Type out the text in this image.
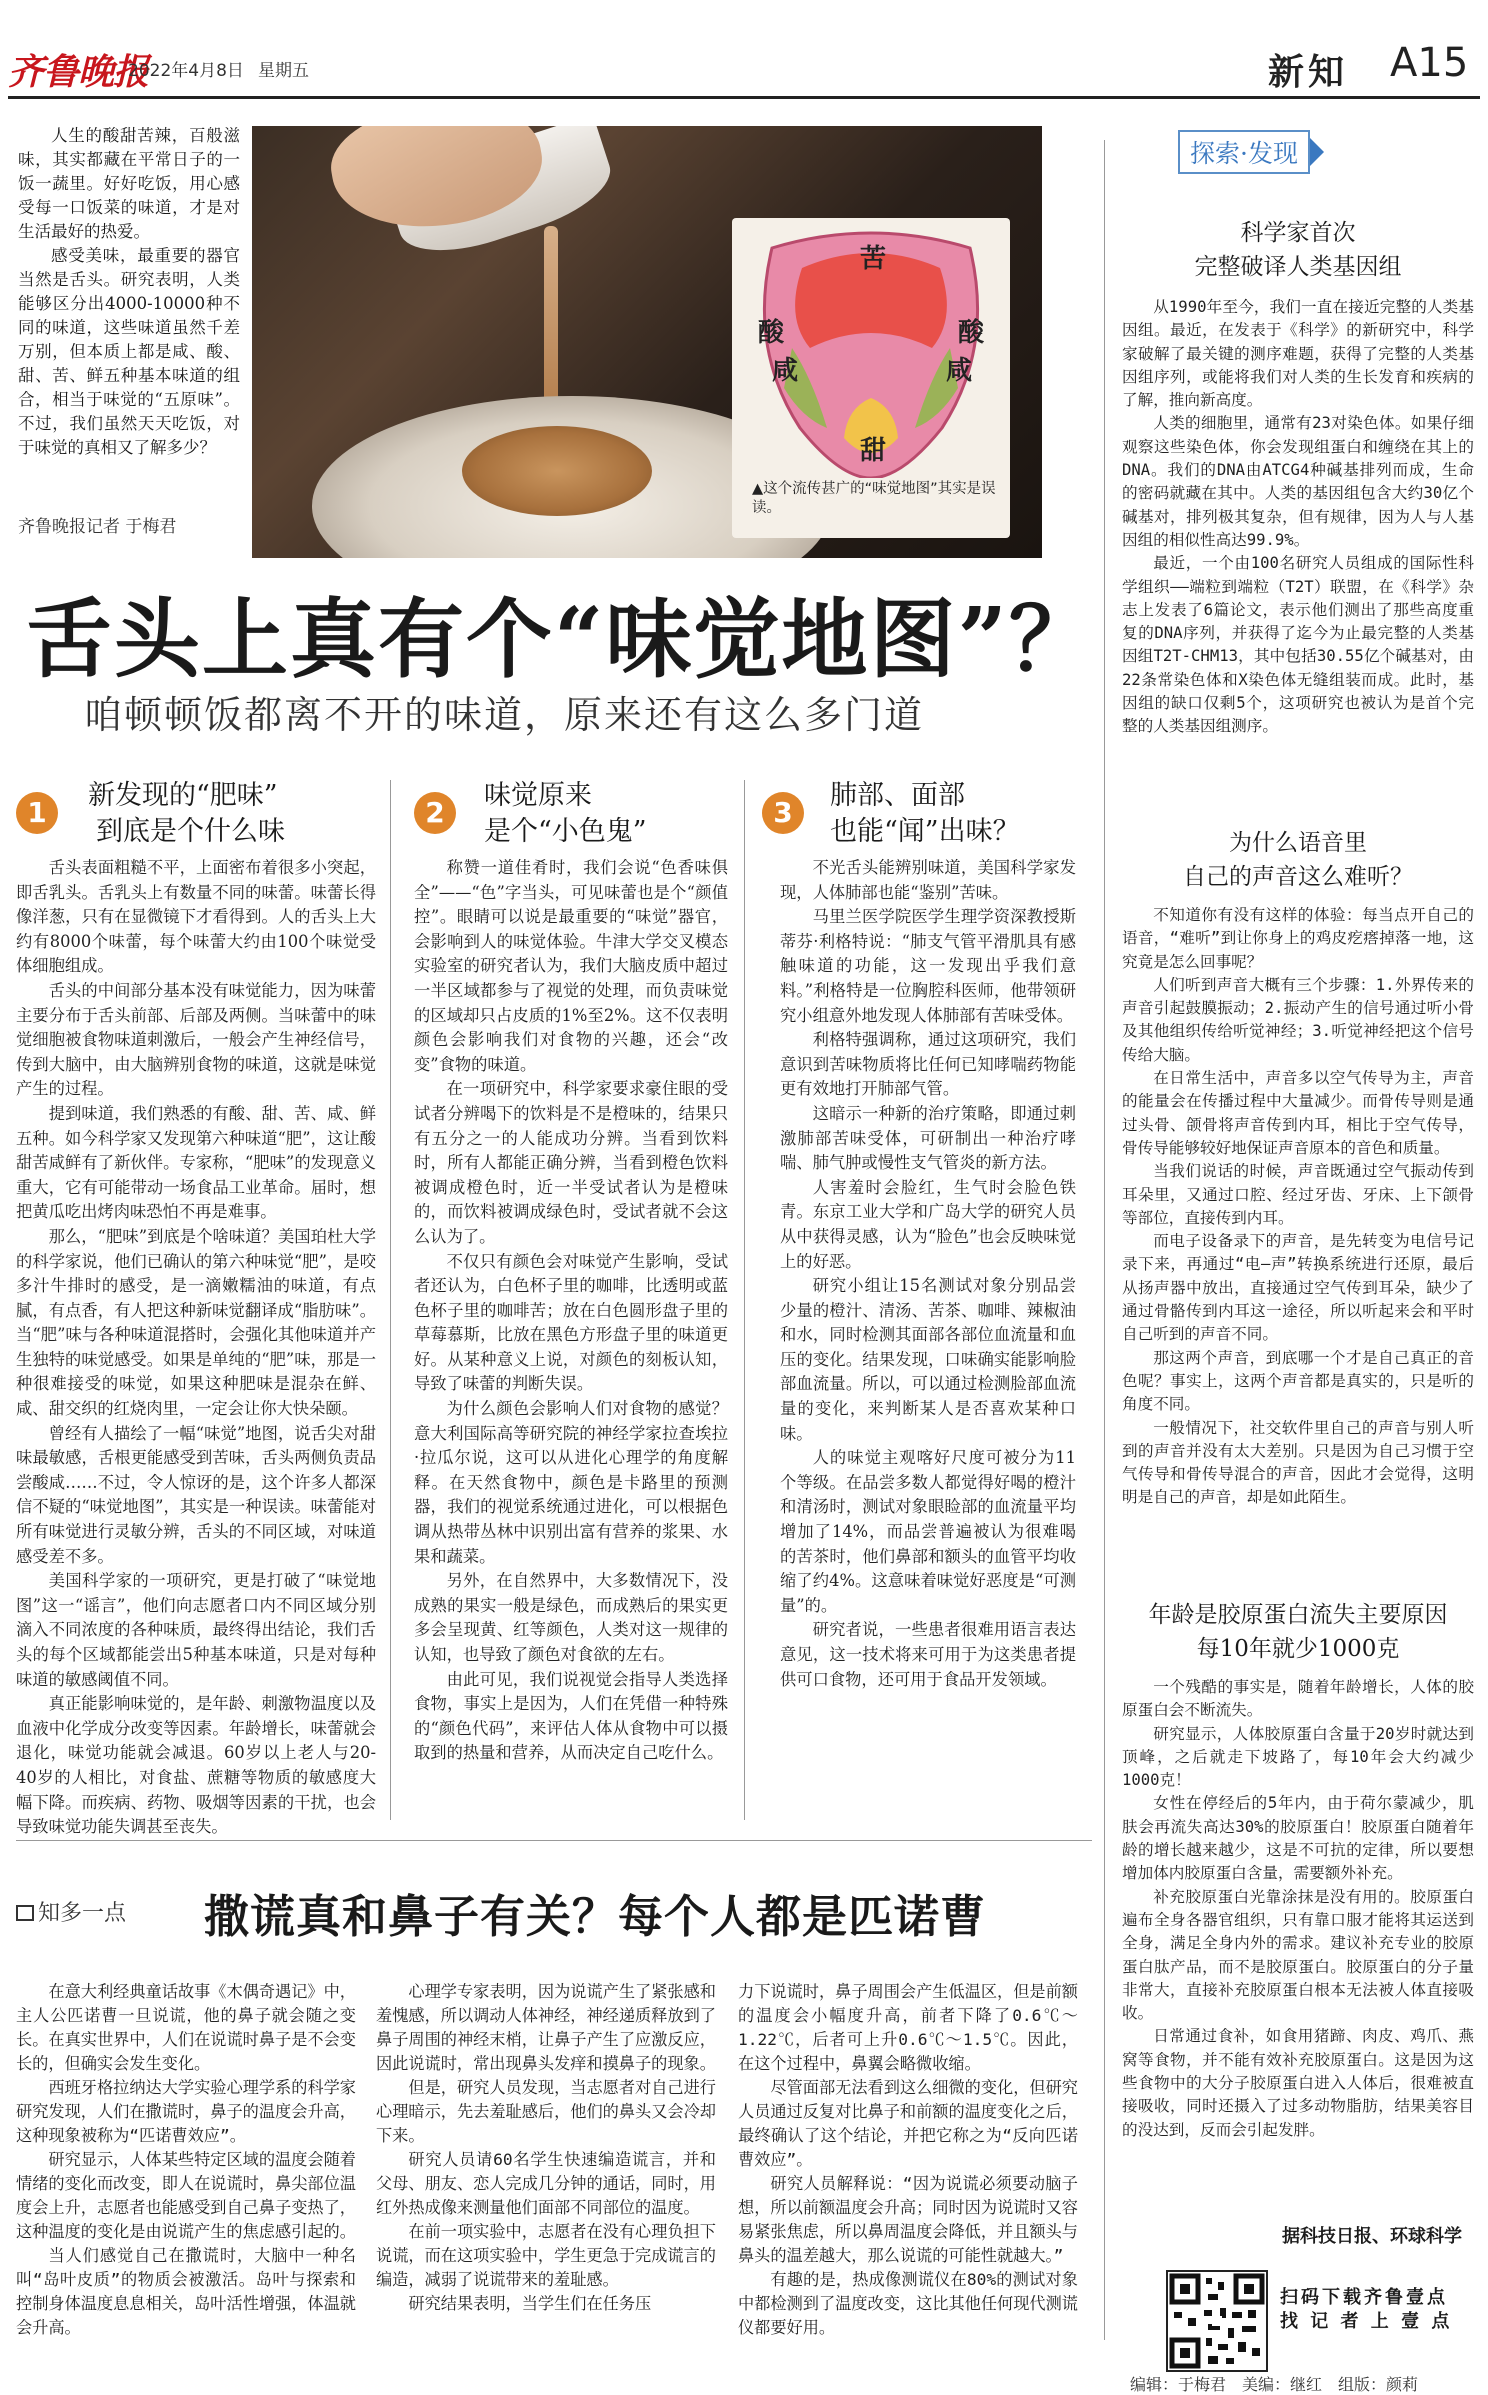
齐鲁晚报
2022年4月8日 星期五	新知 A15
人生的酸甜苦辣，百般滋味，其实都藏在平常日子的一饭一蔬里。好好吃饭，用心感受每一口饭菜的味道，才是对生活最好的热爱。
感受美味，最重要的器官当然是舌头。研究表明，人类能够区分出4000-10000种不同的味道，这些味道虽然千差万别，但本质上都是咸、酸、甜、苦、鲜五种基本味道的组合，相当于味觉的“五原味”。不过，我们虽然天天吃饭，对于味觉的真相又了解多少？
齐鲁晚报记者 于梅君
苦
酸	酸
咸	咸
甜
▲这个流传甚广的“味觉地图”其实是误读。
舌头上真有个“味觉地图”？
咱顿顿饭都离不开的味道，原来还有这么多门道
1
新发现的“肥味”
到底是个什么味

舌头表面粗糙不平，上面密布着很多小突起，即舌乳头。舌乳头上有数量不同的味蕾。味蕾长得像洋葱，只有在显微镜下才看得到。人的舌头上大约有8000个味蕾，每个味蕾大约由100个味觉受体细胞组成。

舌头的中间部分基本没有味觉能力，因为味蕾主要分布于舌头前部、后部及两侧。当味蕾中的味觉细胞被食物味道刺激后，一般会产生神经信号，传到大脑中，由大脑辨别食物的味道，这就是味觉产生的过程。

提到味道，我们熟悉的有酸、甜、苦、咸、鲜五种。如今科学家又发现第六种味道“肥”，这让酸甜苦咸鲜有了新伙伴。专家称，“肥味”的发现意义重大，它有可能带动一场食品工业革命。届时，想把黄瓜吃出烤肉味恐怕不再是难事。

那么，“肥味”到底是个啥味道？美国珀杜大学的科学家说，他们已确认的第六种味觉“肥”，是咬多汁牛排时的感受，是一滴嫩糯油的味道，有点腻，有点香，有人把这种新味觉翻译成“脂肪味”。当“肥”味与各种味道混搭时，会强化其他味道并产生独特的味觉感受。如果是单纯的“肥”味，那是一种很难接受的味觉，如果这种肥味是混杂在鲜、咸、甜交织的红烧肉里，一定会让你大快朵颐。

曾经有人描绘了一幅“味觉”地图，说舌尖对甜味最敏感，舌根更能感受到苦味，舌头两侧负责品尝酸咸……不过，令人惊讶的是，这个许多人都深信不疑的“味觉地图”，其实是一种误读。味蕾能对所有味觉进行灵敏分辨，舌头的不同区域，对味道感受差不多。

美国科学家的一项研究，更是打破了“味觉地图”这一“谣言”，他们向志愿者口内不同区域分别滴入不同浓度的各种味质，最终得出结论，我们舌头的每个区域都能尝出5种基本味道，只是对每种味道的敏感阈值不同。

真正能影响味觉的，是年龄、刺激物温度以及血液中化学成分改变等因素。年龄增长，味蕾就会退化，味觉功能就会减退。60岁以上老人与20-40岁的人相比，对食盐、蔗糖等物质的敏感度大幅下降。而疾病、药物、吸烟等因素的干扰，也会导致味觉功能失调甚至丧失。

2
味觉原来
是个“小色鬼”

称赞一道佳肴时，我们会说“色香味俱全”——“色”字当头，可见味蕾也是个“颜值控”。眼睛可以说是最重要的“味觉”器官，会影响到人的味觉体验。牛津大学交叉模态实验室的研究者认为，我们大脑皮质中超过一半区域都参与了视觉的处理，而负责味觉的区域却只占皮质的1%至2%。这不仅表明颜色会影响我们对食物的兴趣，还会“改变”食物的味道。

在一项研究中，科学家要求豪住眼的受试者分辨喝下的饮料是不是橙味的，结果只有五分之一的人能成功分辨。当看到饮料时，所有人都能正确分辨，当看到橙色饮料被调成橙色时，近一半受试者认为是橙味的，而饮料被调成绿色时，受试者就不会这么认为了。

不仅只有颜色会对味觉产生影响，受试者还认为，白色杯子里的咖啡，比透明或蓝色杯子里的咖啡苦；放在白色圆形盘子里的草莓慕斯，比放在黑色方形盘子里的味道更好。从某种意义上说，对颜色的刻板认知，导致了味蕾的判断失误。

为什么颜色会影响人们对食物的感觉？意大利国际高等研究院的神经学家拉查埃拉·拉瓜尔说，这可以从进化心理学的角度解释。在天然食物中，颜色是卡路里的预测器，我们的视觉系统通过进化，可以根据色调从热带丛林中识别出富有营养的浆果、水果和蔬菜。

另外，在自然界中，大多数情况下，没成熟的果实一般是绿色，而成熟后的果实更多会呈现黄、红等颜色，人类对这一规律的认知，也导致了颜色对食欲的左右。

由此可见，我们说视觉会指导人类选择食物，事实上是因为，人们在凭借一种特殊的“颜色代码”，来评估人体从食物中可以摄取到的热量和营养，从而决定自己吃什么。

3
肺部、面部
也能“闻”出味？

不光舌头能辨别味道，美国科学家发现，人体肺部也能“鉴别”苦味。

马里兰医学院医学生理学资深教授斯蒂芬·利格特说：“肺支气管平滑肌具有感触味道的功能，这一发现出乎我们意料。”利格特是一位胸腔科医师，他带领研究小组意外地发现人体肺部有苦味受体。

利格特强调称，通过这项研究，我们意识到苦味物质将比任何已知哮喘药物能更有效地打开肺部气管。

这暗示一种新的治疗策略，即通过刺激肺部苦味受体，可研制出一种治疗哮喘、肺气肿或慢性支气管炎的新方法。

人害羞时会脸红，生气时会脸色铁青。东京工业大学和广岛大学的研究人员从中获得灵感，认为“脸色”也会反映味觉上的好恶。

研究小组让15名测试对象分别品尝少量的橙汁、清汤、苦茶、咖啡、辣椒油和水，同时检测其面部各部位血流量和血压的变化。结果发现，口味确实能影响脸部血流量。所以，可以通过检测脸部血流量的变化，来判断某人是否喜欢某种口味。

人的味觉主观喀好尺度可被分为11个等级。在品尝多数人都觉得好喝的橙汁和清汤时，测试对象眼睑部的血流量平均增加了14%，而品尝普遍被认为很难喝的苦茶时，他们鼻部和额头的血管平均收缩了约4%。这意味着味觉好恶度是“可测量”的。

研究者说，一些患者很难用语言表达意见，这一技术将来可用于为这类患者提供可口食物，还可用于食品开发领域。

探索·发现
科学家首次
完整破译人类基因组

从1990年至今，我们一直在接近完整的人类基因组。最近，在发表于《科学》的新研究中，科学家破解了最关键的测序难题，获得了完整的人类基因组序列，或能将我们对人类的生长发育和疾病的了解，推向新高度。

人类的细胞里，通常有23对染色体。如果仔细观察这些染色体，你会发现组蛋白和缠绕在其上的DNA。我们的DNA由ATCG4种碱基排列而成，生命的密码就藏在其中。人类的基因组包含大约30亿个碱基对，排列极其复杂，但有规律，因为人与人基因组的相似性高达99.9%。

最近，一个由100名研究人员组成的国际性科学组织——端粒到端粒（T2T）联盟，在《科学》杂志上发表了6篇论文，表示他们测出了那些高度重复的DNA序列，并获得了迄今为止最完整的人类基因组T2T-CHM13，其中包括30.55亿个碱基对，由22条常染色体和X染色体无缝组装而成。此时，基因组的缺口仅剩5个，这项研究也被认为是首个完整的人类基因组测序。

为什么语音里
自己的声音这么难听？

不知道你有没有这样的体验：每当点开自己的语音，“难听”到让你身上的鸡皮疙瘩掉落一地，这究竟是怎么回事呢？

人们听到声音大概有三个步骤：1.外界传来的声音引起鼓膜振动；2.振动产生的信号通过听小骨及其他组织传给听觉神经；3.听觉神经把这个信号传给大脑。

在日常生活中，声音多以空气传导为主，声音的能量会在传播过程中大量减少。而骨传导则是通过头骨、颌骨将声音传到内耳，相比于空气传导，骨传导能够较好地保证声音原本的音色和质量。

当我们说话的时候，声音既通过空气振动传到耳朵里，又通过口腔、经过牙齿、牙床、上下颌骨等部位，直接传到内耳。

而电子设备录下的声音，是先转变为电信号记录下来，再通过“电—声”转换系统进行还原，最后从扬声器中放出，直接通过空气传到耳朵，缺少了通过骨骼传到内耳这一途径，所以听起来会和平时自己听到的声音不同。

那这两个声音，到底哪一个才是自己真正的音色呢？事实上，这两个声音都是真实的，只是听的角度不同。

一般情况下，社交软件里自己的声音与别人听到的声音并没有太大差别。只是因为自己习惯于空气传导和骨传导混合的声音，因此才会觉得，这明明是自己的声音，却是如此陌生。

年龄是胶原蛋白流失主要原因
每10年就少1000克

一个残酷的事实是，随着年龄增长，人体的胶原蛋白会不断流失。

研究显示，人体胶原蛋白含量于20岁时就达到顶峰，之后就走下坡路了，每10年会大约减少1000克！

女性在停经后的5年内，由于荷尔蒙减少，肌肤会再流失高达30%的胶原蛋白！胶原蛋白随着年龄的增长越来越少，这是不可抗的定律，所以要想增加体内胶原蛋白含量，需要额外补充。

补充胶原蛋白光靠涂抹是没有用的。胶原蛋白遍布全身各器官组织，只有靠口服才能将其运送到全身，满足全身内外的需求。建议补充专业的胶原蛋白肽产品，而不是胶原蛋白。胶原蛋白的分子量非常大，直接补充胶原蛋白根本无法被人体直接吸收。

日常通过食补，如食用猪蹄、肉皮、鸡爪、燕窝等食物，并不能有效补充胶原蛋白。这是因为这些食物中的大分子胶原蛋白进入人体后，很难被直接吸收，同时还摄入了过多动物脂肪，结果美容目的没达到，反而会引起发胖。

据科技日报、环球科学
扫码下载齐鲁壹点
找 记 者 上 壹 点
知多一点 撒谎真和鼻子有关？每个人都是匹诺曹

在意大利经典童话故事《木偶奇遇记》中，主人公匹诺曹一旦说谎，他的鼻子就会随之变长。在真实世界中，人们在说谎时鼻子是不会变长的，但确实会发生变化。

西班牙格拉纳达大学实验心理学系的科学家研究发现，人们在撒谎时，鼻子的温度会升高，这种现象被称为“匹诺曹效应”。

研究显示，人体某些特定区域的温度会随着情绪的变化而改变，即人在说谎时，鼻尖部位温度会上升，志愿者也能感受到自己鼻子变热了，这种温度的变化是由说谎产生的焦虑感引起的。

当人们感觉自己在撒谎时，大脑中一种名叫“岛叶皮质”的物质会被激活。岛叶与探索和控制身体温度息息相关，岛叶活性增强，体温就会升高。

心理学专家表明，因为说谎产生了紧张感和羞愧感，所以调动人体神经，神经递质释放到了鼻子周围的神经末梢，让鼻子产生了应激反应，因此说谎时，常出现鼻头发痒和摸鼻子的现象。

但是，研究人员发现，当志愿者对自己进行心理暗示，先去羞耻感后，他们的鼻头又会冷却下来。

研究人员请60名学生快速编造谎言，并和父母、朋友、恋人完成几分钟的通话，同时，用红外热成像来测量他们面部不同部位的温度。

在前一项实验中，志愿者在没有心理负担下说谎，而在这项实验中，学生更急于完成谎言的编造，减弱了说谎带来的羞耻感。

研究结果表明，当学生们在任务压

力下说谎时，鼻子周围会产生低温区，但是前额的温度会小幅度升高，前者下降了0.6℃～1.22℃，后者可上升0.6℃～1.5℃。因此，在这个过程中，鼻翼会略微收缩。

尽管面部无法看到这么细微的变化，但研究人员通过反复对比鼻子和前额的温度变化之后，最终确认了这个结论，并把它称之为“反向匹诺曹效应”。

研究人员解释说：“因为说谎必须要动脑子想，所以前额温度会升高；同时因为说谎时又容易紧张焦虑，所以鼻周温度会降低，并且额头与鼻头的温差越大，那么说谎的可能性就越大。”

有趣的是，热成像测谎仪在80%的测试对象中都检测到了温度改变，这比其他任何现代测谎仪都要好用。

编辑：于梅君 美编：继红 组版：颜莉
